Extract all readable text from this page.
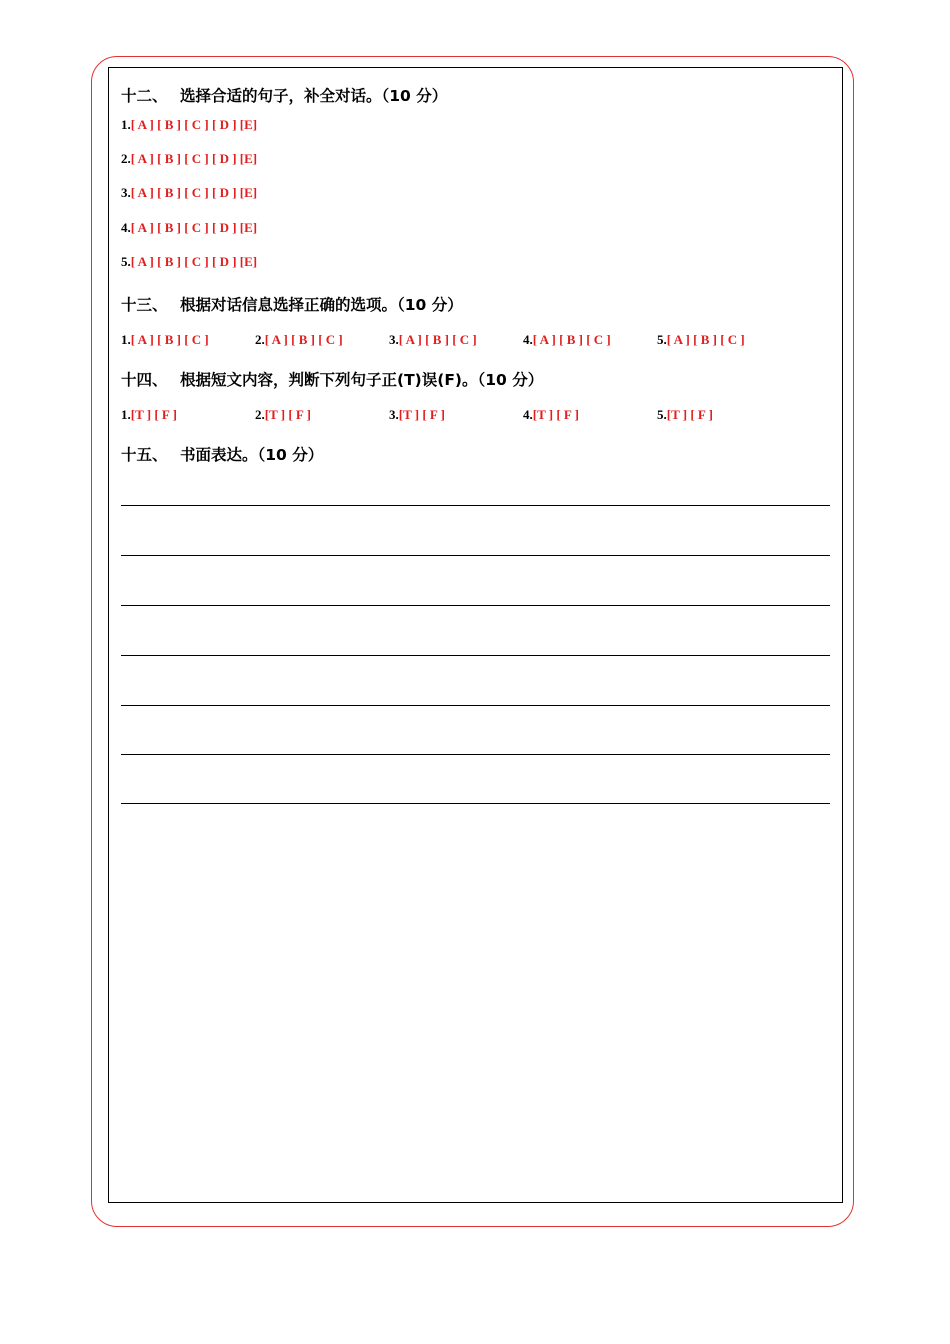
十二、 选择合适的句子，补全对话。（10 分）
1.[ A ] [ B ] [ C ] [ D ] [E]
2.[ A ] [ B ] [ C ] [ D ] [E]
3.[ A ] [ B ] [ C ] [ D ] [E]
4.[ A ] [ B ] [ C ] [ D ] [E]
5.[ A ] [ B ] [ C ] [ D ] [E]
十三、 根据对话信息选择正确的选项。（10 分）
1.[ A ] [ B ] [ C ]	2.[ A ] [ B ] [ C ]	3.[ A ] [ B ] [ C ]	4.[ A ] [ B ] [ C ]	5.[ A ] [ B ] [ C ]
十四、 根据短文内容，判断下列句子正(T)误(F)。（10 分）
1.[T ] [ F ]	2.[T ] [ F ]	3.[T ] [ F ]	4.[T ] [ F ]	5.[T ] [ F ]
十五、 书面表达。（10 分）
